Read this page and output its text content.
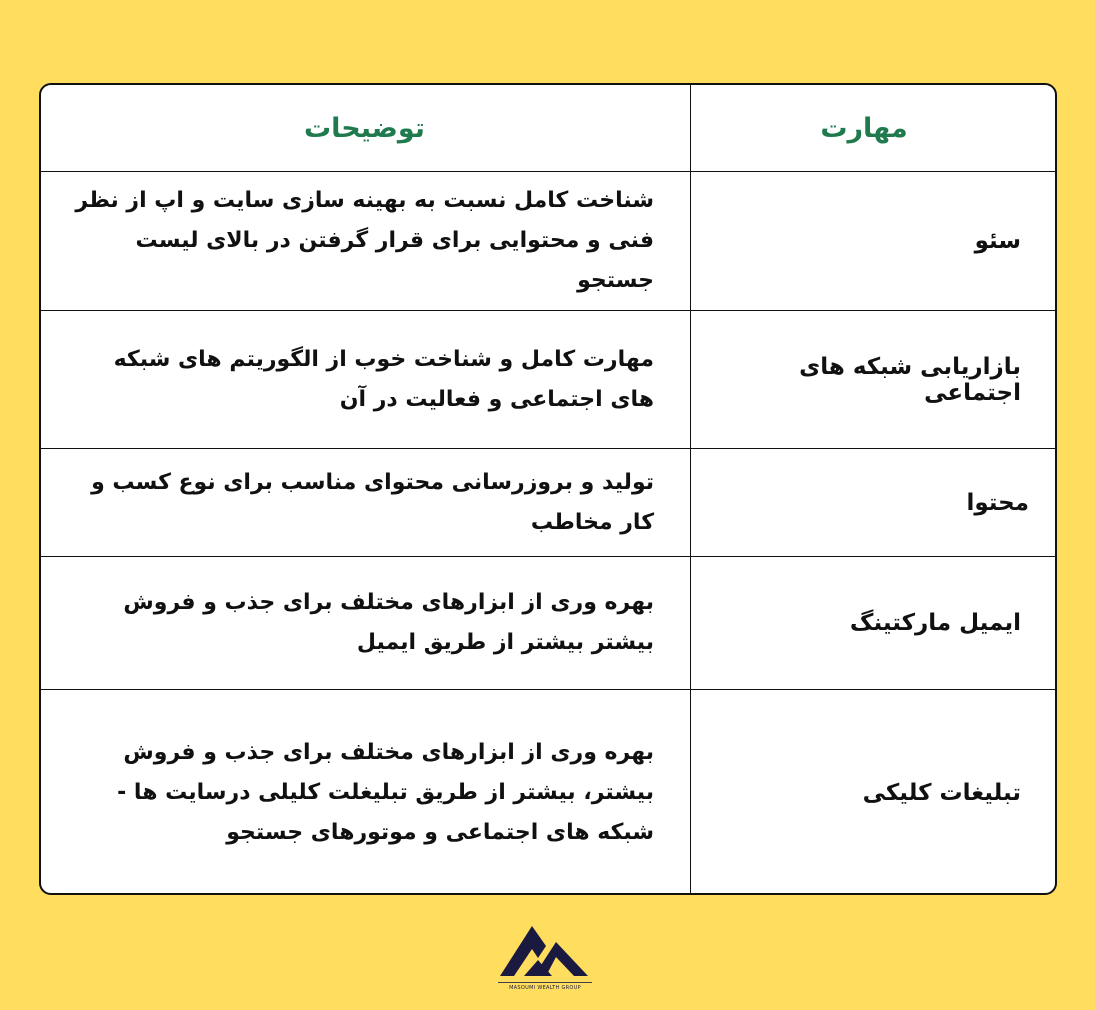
توضیحات	مهارت
شناخت کامل نسبت به بهینه سازی سایت و اپ از نظر فنی و محتوایی برای قرار گرفتن در بالای لیست جستجو
سئو
مهارت کامل و شناخت خوب از الگوریتم های شبکه های اجتماعی و فعالیت در آن
بازاریابی شبکه های اجتماعی
تولید و بروزرسانی محتوای مناسب برای نوع کسب و کار مخاطب
محتوا
بهره وری از ابزارهای مختلف برای جذب و فروش بیشتر بیشتر از طریق ایمیل
ایمیل مارکتینگ
بهره وری از ابزارهای مختلف برای جذب و فروش بیشتر، بیشتر از طریق تبلیغلت کلیلی درسایت ها - شبکه های اجتماعی و موتورهای جستجو
تبلیغات کلیکی
MASOUMI WEALTH GROUP
